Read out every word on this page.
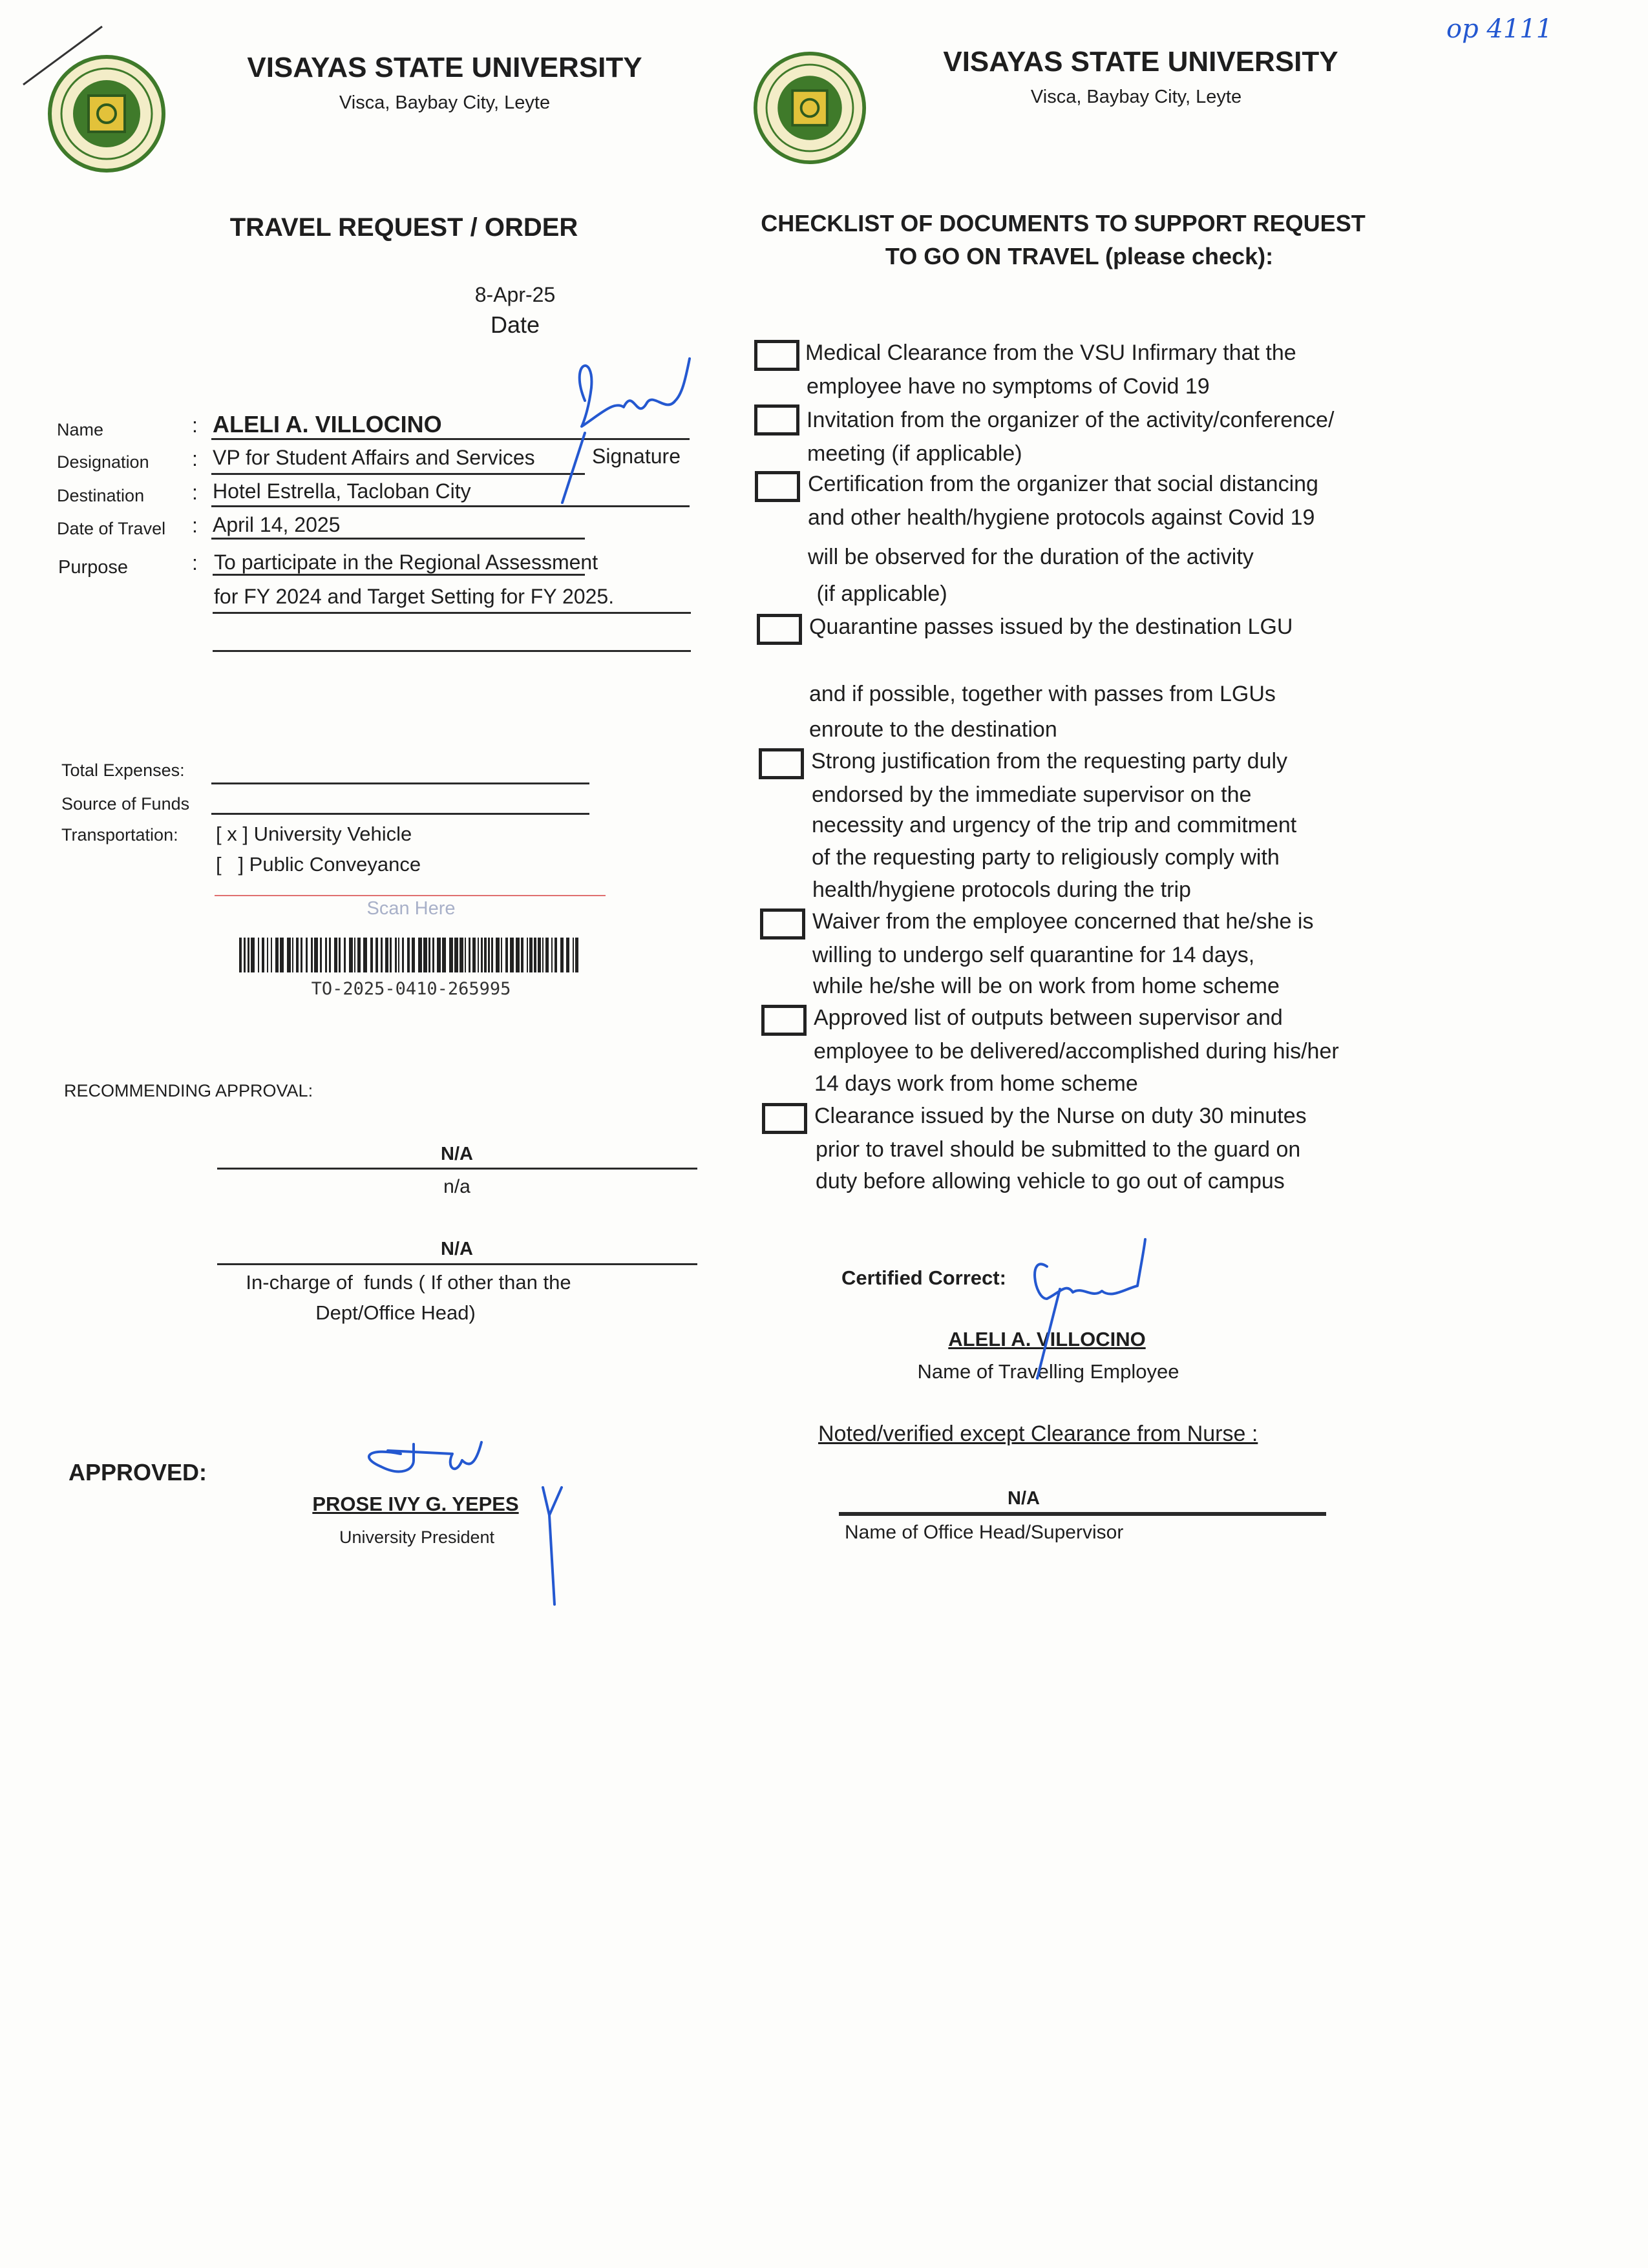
VISAYAS STATE UNIVERSITY
Visca, Baybay City, Leyte
VISAYAS STATE UNIVERSITY
Visca, Baybay City, Leyte
op 4111
TRAVEL REQUEST / ORDER
8-Apr-25
Date
Name
Designation
Destination
Date of Travel
Purpose
:
:
:
:
:
ALELI A. VILLOCINO
VP for Student Affairs and Services	Signature
Hotel Estrella, Tacloban City
April 14, 2025
To participate in the Regional Assessment
for FY 2024 and Target Setting for FY 2025.
Total Expenses:
Source of Funds
Transportation: [ x ] University Vehicle
[   ] Public Conveyance
Scan Here
TO-2025-0410-265995
RECOMMENDING APPROVAL:
N/A
n/a
N/A
In-charge of  funds ( If other than the
Dept/Office Head)
APPROVED:
PROSE IVY G. YEPES
University President
CHECKLIST OF DOCUMENTS TO SUPPORT REQUEST
TO GO ON TRAVEL (please check):
Medical Clearance from the VSU Infirmary that the
employee have no symptoms of Covid 19
Invitation from the organizer of the activity/conference/
meeting (if applicable)
Certification from the organizer that social distancing
and other health/hygiene protocols against Covid 19
will be observed for the duration of the activity
(if applicable)
Quarantine passes issued by the destination LGU
and if possible, together with passes from LGUs
enroute to the destination
Strong justification from the requesting party duly
endorsed by the immediate supervisor on the
necessity and urgency of the trip and commitment
of the requesting party to religiously comply with
health/hygiene protocols during the trip
Waiver from the employee concerned that he/she is
willing to undergo self quarantine for 14 days,
while he/she will be on work from home scheme
Approved list of outputs between supervisor and
employee to be delivered/accomplished during his/her
14 days work from home scheme
Clearance issued by the Nurse on duty 30 minutes
prior to travel should be submitted to the guard on
duty before allowing vehicle to go out of campus
Certified Correct:
ALELI A. VILLOCINO
Name of Travelling Employee
Noted/verified except Clearance from Nurse :
N/A
Name of Office Head/Supervisor
